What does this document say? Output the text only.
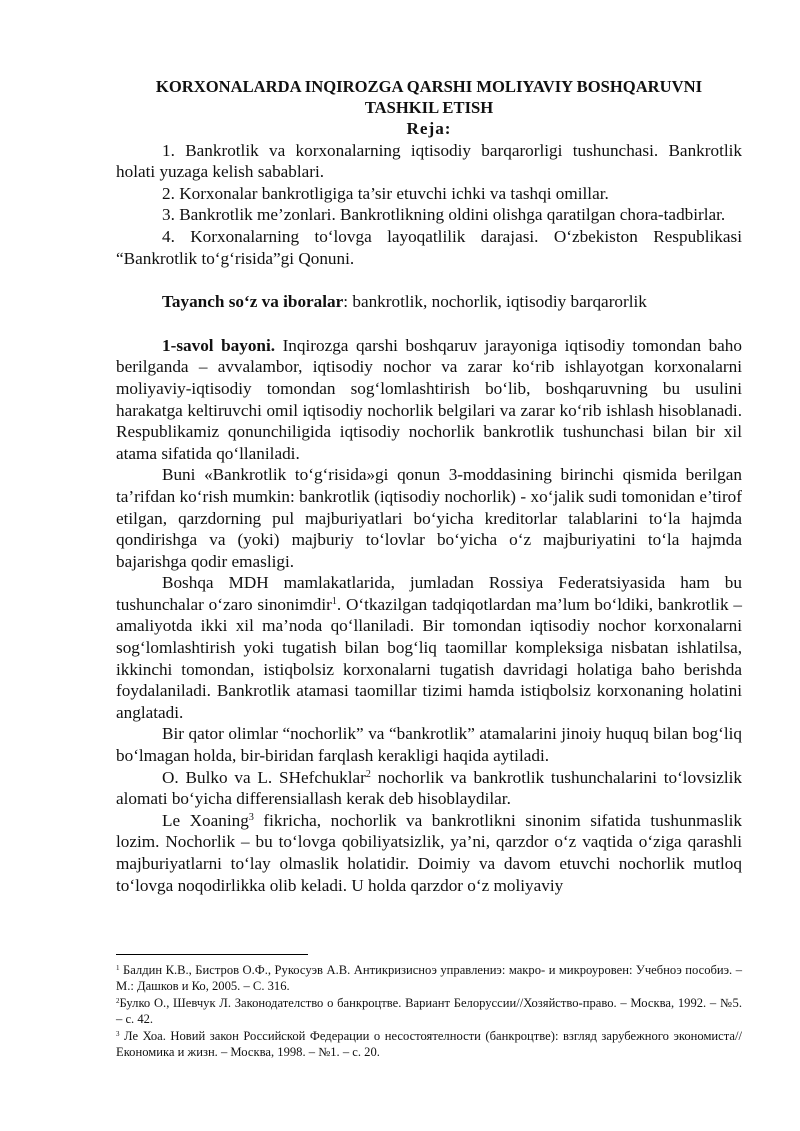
KORXONALARDA INQIROZGA QARSHI MOLIYAVIY BOSHQARUVNI
TASHKIL ETISH
Reja:

1. Bankrotlik va korxonalarning iqtisodiy barqarorligi tushunchasi. Bankrotlik holati yuzaga kelish sabablari.

2. Korxonalar bankrotligiga ta’sir etuvchi ichki va tashqi omillar.

3. Bankrotlik me’zonlari. Bankrotlikning oldini olishga qaratilgan chora-tadbirlar.

4. Korxonalarning to‘lovga layoqatlilik darajasi. O‘zbekiston Respublikasi “Bankrotlik to‘g‘risida”gi Qonuni.

Tayanch so‘z va iboralar: bankrotlik, nochorlik, iqtisodiy barqarorlik

1-savol bayoni. Inqirozga qarshi boshqaruv jarayoniga iqtisodiy tomondan baho berilganda – avvalambor, iqtisodiy nochor va zarar ko‘rib ishlayotgan korxonalarni moliyaviy-iqtisodiy tomondan sog‘lomlashtirish bo‘lib, boshqaruvning bu usulini harakatga keltiruvchi omil iqtisodiy nochorlik belgilari va zarar ko‘rib ishlash hisoblanadi. Respublikamiz qonunchiligida iqtisodiy nochorlik bankrotlik tushunchasi bilan bir xil atama sifatida qo‘llaniladi.

Buni «Bankrotlik to‘g‘risida»gi qonun 3-moddasining birinchi qismida berilgan ta’rifdan ko‘rish mumkin: bankrotlik (iqtisodiy nochorlik) - xo‘jalik sudi tomonidan e’tirof etilgan, qarzdorning pul majburiyatlari bo‘yicha kreditorlar talablarini to‘la hajmda qondirishga va (yoki) majburiy to‘lovlar bo‘yicha o‘z majburiyatini to‘la hajmda bajarishga qodir emasligi.

Boshqa MDH mamlakatlarida, jumladan Rossiya Federatsiyasida ham bu tushunchalar o‘zaro sinonimdir$^1$. O‘tkazilgan tadqiqotlardan ma’lum bo‘ldiki, bankrotlik – amaliyotda ikki xil ma’noda qo‘llaniladi. Bir tomondan iqtisodiy nochor korxonalarni sog‘lomlashtirish yoki tugatish bilan bog‘liq taomillar kompleksiga nisbatan ishlatilsa, ikkinchi tomondan, istiqbolsiz korxonalarni tugatish davridagi holatiga baho berishda foydalaniladi. Bankrotlik atamasi taomillar tizimi hamda istiqbolsiz korxonaning holatini anglatadi.

Bir qator olimlar “nochorlik” va “bankrotlik” atamalarini jinoiy huquq bilan bog‘liq bo‘lmagan holda, bir-biridan farqlash kerakligi haqida aytiladi.

O. Bulko va L. SHefchuklar$^2$ nochorlik va bankrotlik tushunchalarini to‘lovsizlik alomati bo‘yicha differensiallash kerak deb hisoblaydilar.

Le Xoaning$^3$ fikricha, nochorlik va bankrotlikni sinonim sifatida tushunmaslik lozim. Nochorlik – bu to‘lovga qobiliyatsizlik, ya’ni, qarzdor o‘z vaqtida o‘ziga qarashli majburiyatlarni to‘lay olmaslik holatidir. Doimiy va davom etuvchi nochorlik mutloq to‘lovga noqodirlikka olib keladi. U holda qarzdor o‘z moliyaviy

$^1$ Балдин К.В., Бистров О.Ф., Рукосуэв А.В. Антикризисноэ управлениэ: макро- и микроуровен: Учебноэ пособиэ. – М.: Дашков и Ко, 2005. – С. 316.

$^2$Булко О., Шевчук Л. Законодателство о банкроцтве. Вариант Белоруссии//Хозяйство-право. – Москва, 1992. – №5. – с. 42.

$^3$ Ле Хоа. Новий закон Российской Федерации о несостоятелности (банкроцтве): взгляд зарубежного экономиста//Економика и жизн. – Москва, 1998. – №1. – с. 20.
